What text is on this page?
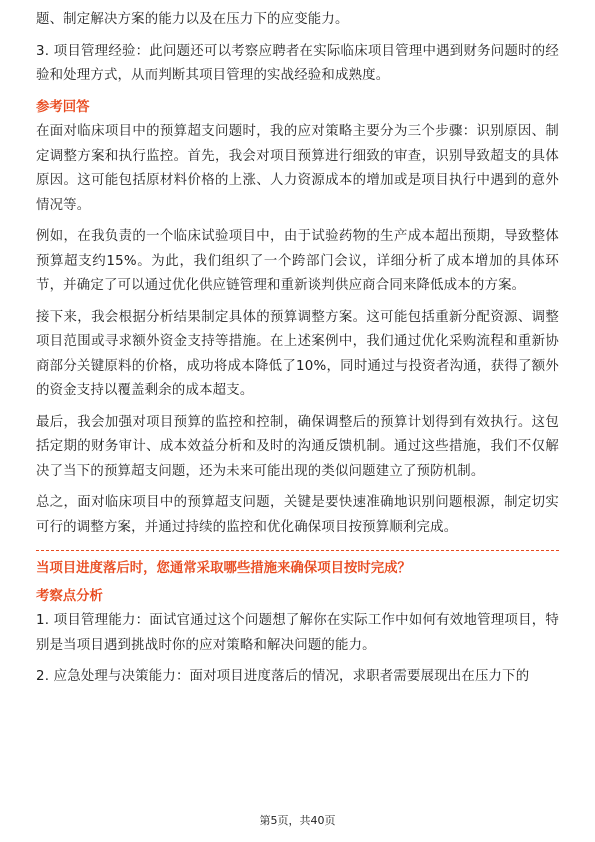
题、制定解决方案的能力以及在压力下的应变能力。

3. 项目管理经验：此问题还可以考察应聘者在实际临床项目管理中遇到财务问题时的经验和处理方式，从而判断其项目管理的实战经验和成熟度。

参考回答

在面对临床项目中的预算超支问题时，我的应对策略主要分为三个步骤：识别原因、制定调整方案和执行监控。首先，我会对项目预算进行细致的审查，识别导致超支的具体原因。这可能包括原材料价格的上涨、人力资源成本的增加或是项目执行中遇到的意外情况等。

例如，在我负责的一个临床试验项目中，由于试验药物的生产成本超出预期，导致整体预算超支约15%。为此，我们组织了一个跨部门会议，详细分析了成本增加的具体环节，并确定了可以通过优化供应链管理和重新谈判供应商合同来降低成本的方案。

接下来，我会根据分析结果制定具体的预算调整方案。这可能包括重新分配资源、调整项目范围或寻求额外资金支持等措施。在上述案例中，我们通过优化采购流程和重新协商部分关键原料的价格，成功将成本降低了10%，同时通过与投资者沟通，获得了额外的资金支持以覆盖剩余的成本超支。

最后，我会加强对项目预算的监控和控制，确保调整后的预算计划得到有效执行。这包括定期的财务审计、成本效益分析和及时的沟通反馈机制。通过这些措施，我们不仅解决了当下的预算超支问题，还为未来可能出现的类似问题建立了预防机制。

总之，面对临床项目中的预算超支问题，关键是要快速准确地识别问题根源，制定切实可行的调整方案，并通过持续的监控和优化确保项目按预算顺利完成。

当项目进度落后时，您通常采取哪些措施来确保项目按时完成？
考察点分析

1. 项目管理能力：面试官通过这个问题想了解你在实际工作中如何有效地管理项目，特别是当项目遇到挑战时你的应对策略和解决问题的能力。

2. 应急处理与决策能力：面对项目进度落后的情况，求职者需要展现出在压力下的

第5页，共40页
